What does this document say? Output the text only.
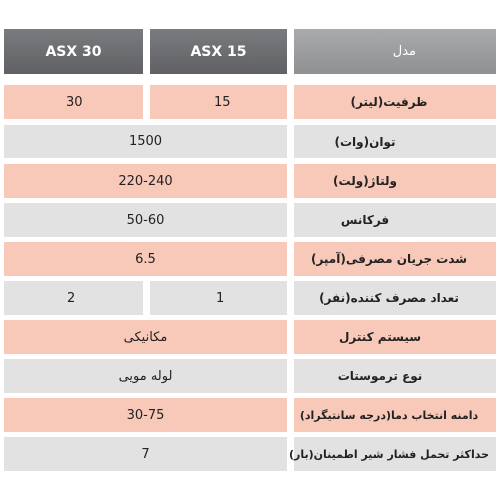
ASX 30	ASX 15	مدل
30	15	ظرفیت(لیتر)
1500	توان(وات)
220-240	ولتاژ(ولت)
50-60	فرکانس
6.5	شدت جریان مصرفی(آمپر)
2	1	تعداد مصرف کننده(نفر)
مکانیکی	سیستم کنترل
لوله مویی	نوع ترموستات
30-75	دامنه انتخاب دما(درجه سانتیگراد)
7	حداکثر تحمل فشار شیر اطمینان(بار)
